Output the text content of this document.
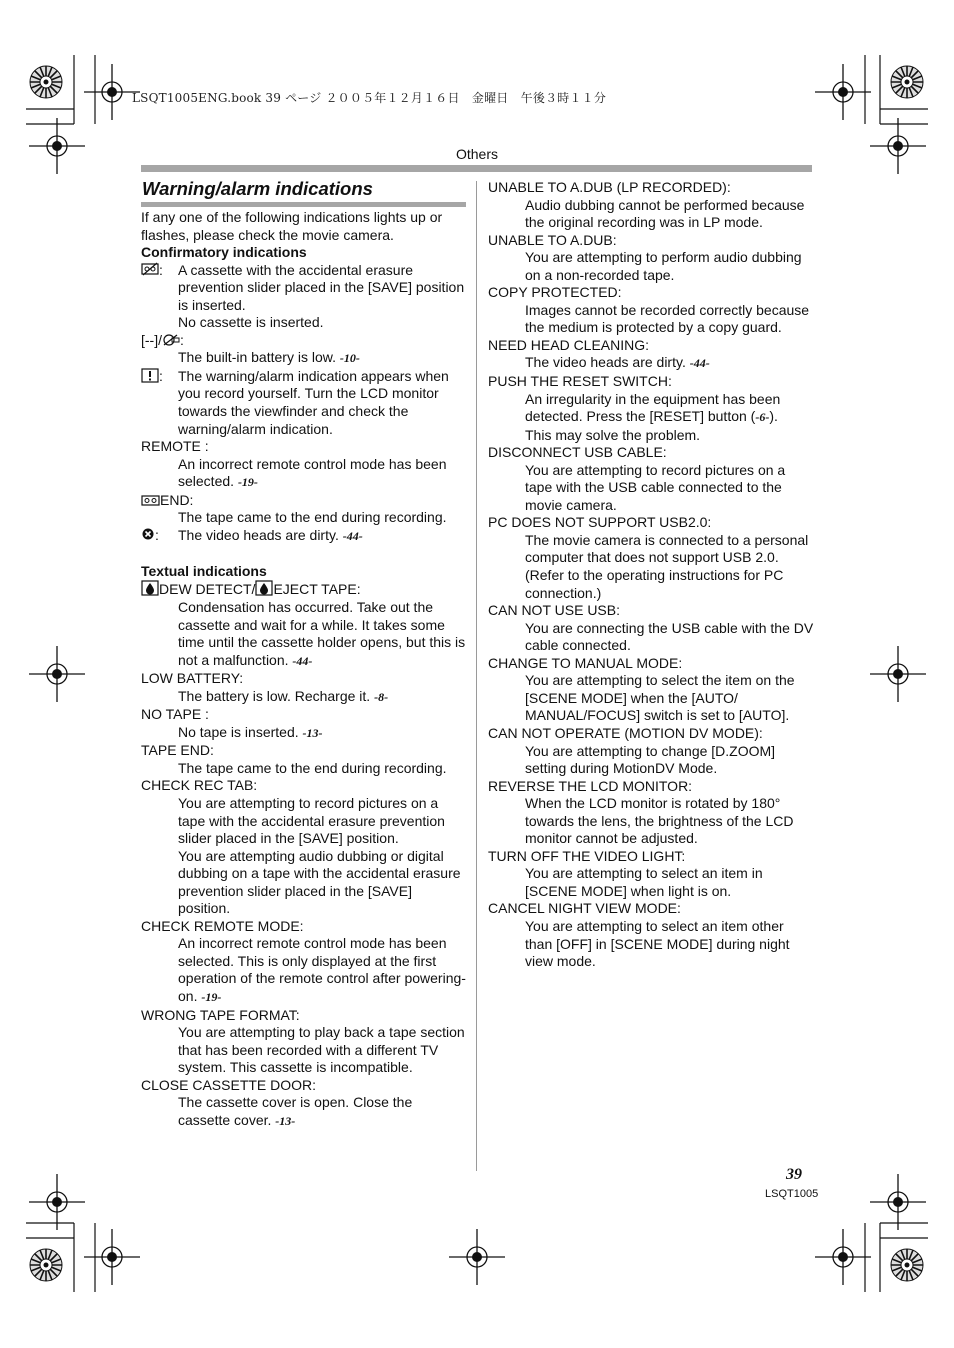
LSQT1005ENG.book 39 ページ ２００５年１２月１６日　金曜日　午後３時１１分
Others
Warning/alarm indications

If any one of the following indications lights up or flashes, please check the movie camera.

Confirmatory indications

: A cassette with the accidental erasure prevention slider placed in the [SAVE] position is inserted.

No cassette is inserted.

[--]/ :

The built-in battery is low. -10-

: The warning/alarm indication appears when you record yourself. Turn the LCD monitor towards the viewfinder and check the warning/alarm indication.

REMOTE :

An incorrect remote control mode has been selected. -19-

END:

The tape came to the end during recording.

: The video heads are dirty. -44-

Textual indications

DEW DETECT/ EJECT TAPE:

Condensation has occurred. Take out the cassette and wait for a while. It takes some time until the cassette holder opens, but this is not a malfunction. -44-

LOW BATTERY:

The battery is low. Recharge it. -8-

NO TAPE :

No tape is inserted. -13-

TAPE END:

The tape came to the end during recording.

CHECK REC TAB:

You are attempting to record pictures on a tape with the accidental erasure prevention slider placed in the [SAVE] position.

You are attempting audio dubbing or digital dubbing on a tape with the accidental erasure prevention slider placed in the [SAVE] position.

CHECK REMOTE MODE:

An incorrect remote control mode has been selected. This is only displayed at the first operation of the remote control after powering-on. -19-

WRONG TAPE FORMAT:

You are attempting to play back a tape section that has been recorded with a different TV system. This cassette is incompatible.

CLOSE CASSETTE DOOR:

The cassette cover is open. Close the cassette cover. -13-

UNABLE TO A.DUB (LP RECORDED):

Audio dubbing cannot be performed because the original recording was in LP mode.

UNABLE TO A.DUB:

You are attempting to perform audio dubbing on a non-recorded tape.

COPY PROTECTED:

Images cannot be recorded correctly because the medium is protected by a copy guard.

NEED HEAD CLEANING:

The video heads are dirty. -44-

PUSH THE RESET SWITCH:

An irregularity in the equipment has been detected. Press the [RESET] button (-6-).

This may solve the problem.

DISCONNECT USB CABLE:

You are attempting to record pictures on a tape with the USB cable connected to the movie camera.

PC DOES NOT SUPPORT USB2.0:

The movie camera is connected to a personal computer that does not support USB 2.0. (Refer to the operating instructions for PC connection.)

CAN NOT USE USB:

You are connecting the USB cable with the DV cable connected.

CHANGE TO MANUAL MODE:

You are attempting to select the item on the [SCENE MODE] when the [AUTO/ MANUAL/FOCUS] switch is set to [AUTO].

CAN NOT OPERATE (MOTION DV MODE):

You are attempting to change [D.ZOOM] setting during MotionDV Mode.

REVERSE THE LCD MONITOR:

When the LCD monitor is rotated by 180° towards the lens, the brightness of the LCD monitor cannot be adjusted.

TURN OFF THE VIDEO LIGHT:

You are attempting to select an item in [SCENE MODE] when light is on.

CANCEL NIGHT VIEW MODE:

You are attempting to select an item other than [OFF] in [SCENE MODE] during night view mode.

39
LSQT1005
